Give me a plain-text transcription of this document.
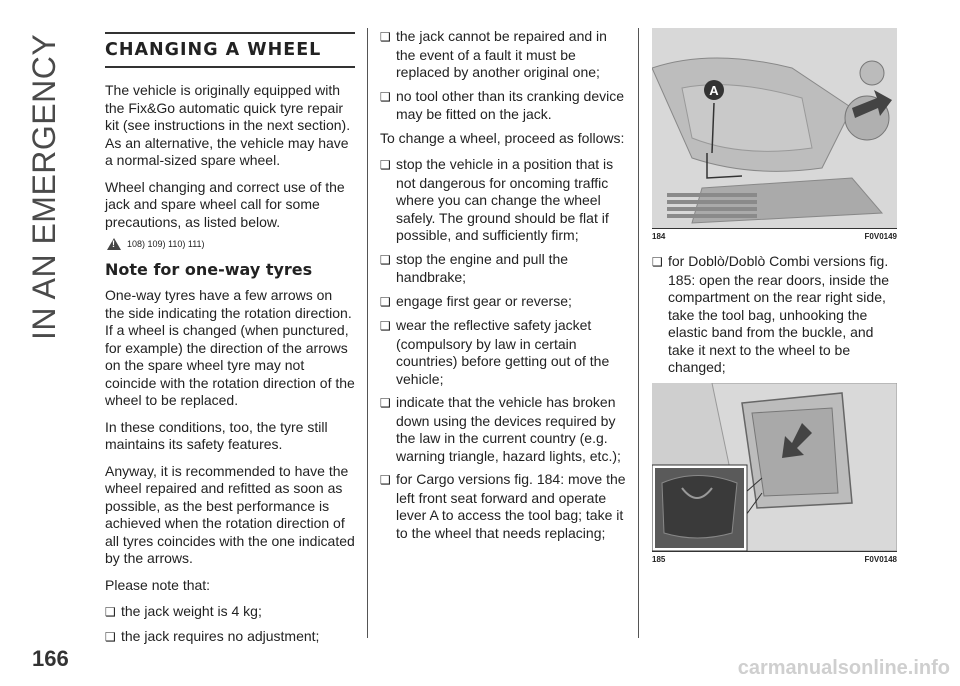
IN AN EMERGENCY
166
CHANGING A WHEEL

The vehicle is originally equipped with the Fix&Go automatic quick tyre repair kit (see instructions in the next section). As an alternative, the vehicle may have a normal-sized spare wheel.

Wheel changing and correct use of the jack and spare wheel call for some precautions, as listed below.

!
108) 109) 110) 111)
Note for one-way tyres

One-way tyres have a few arrows on the side indicating the rotation direction. If a wheel is changed (when punctured, for example) the direction of the arrows on the spare wheel tyre may not coincide with the rotation direction of the wheel to be replaced.

In these conditions, too, the tyre still maintains its safety features.

Anyway, it is recommended to have the wheel repaired and refitted as soon as possible, as the best performance is achieved when the rotation direction of all tyres coincides with the one indicated by the arrows.

Please note that:

❑ the jack weight is 4 kg;
❑ the jack requires no adjustment;
❑ the jack cannot be repaired and in the event of a fault it must be replaced by another original one;
❑ no tool other than its cranking device may be fitted on the jack.

To change a wheel, proceed as follows:

❑ stop the vehicle in a position that is not dangerous for oncoming traffic where you can change the wheel safely. The ground should be flat if possible, and sufficiently firm;
❑ stop the engine and pull the handbrake;
❑ engage first gear or reverse;
❑ wear the reflective safety jacket (compulsory by law in certain countries) before getting out of the vehicle;
❑ indicate that the vehicle has broken down using the devices required by the law in the current country (e.g. warning triangle, hazard lights, etc.);
❑ for Cargo versions fig. 184: move the left front seat forward and operate lever A to access the tool bag; take it to the wheel that needs replacing;
A
184	F0V0149
❑ for Doblò/Doblò Combi versions fig. 185: open the rear doors, inside the compartment on the rear right side, take the tool bag, unhooking the elastic band from the buckle, and take it next to the wheel to be changed;
185	F0V0148
carmanualsonline.info
